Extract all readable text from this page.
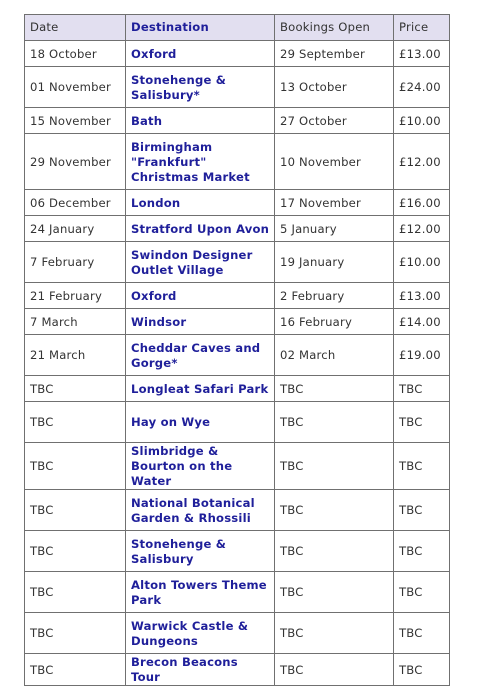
Date	Destination	Bookings Open	Price
18 October	Oxford	29 September	£13.00
01 November	Stonehenge & Salisbury*	13 October	£24.00
15 November	Bath	27 October	£10.00
29 November	Birmingham "Frankfurt" Christmas Market	10 November	£12.00
06 December	London	17 November	£16.00
24 January	Stratford Upon Avon	5 January	£12.00
7 February	Swindon Designer Outlet Village	19 January	£10.00
21 February	Oxford	2 February	£13.00
7 March	Windsor	16 February	£14.00
21 March	Cheddar Caves and Gorge*	02 March	£19.00
TBC	Longleat Safari Park	TBC	TBC
TBC	Hay on Wye	TBC	TBC
TBC	Slimbridge & Bourton on the Water	TBC	TBC
TBC	National Botanical Garden & Rhossili	TBC	TBC
TBC	Stonehenge & Salisbury	TBC	TBC
TBC	Alton Towers Theme Park	TBC	TBC
TBC	Warwick Castle & Dungeons	TBC	TBC
TBC	Brecon Beacons Tour	TBC	TBC
